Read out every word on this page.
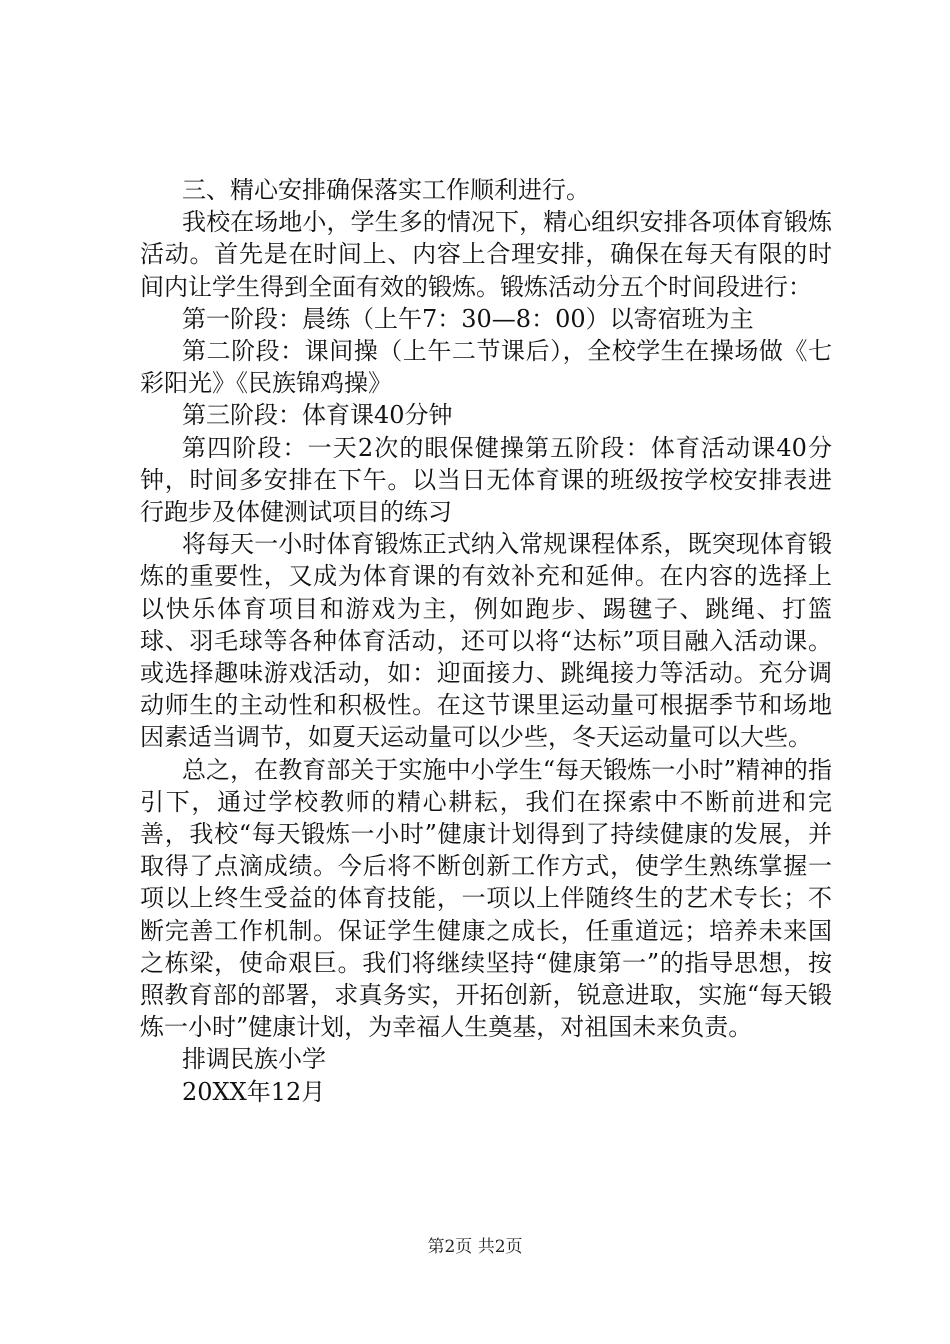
三、精心安排确保落实工作顺利进行。

我校在场地小，学生多的情况下，精心组织安排各项体育锻炼活动。首先是在时间上、内容上合理安排，确保在每天有限的时间内让学生得到全面有效的锻炼。锻炼活动分五个时间段进行：

第一阶段：晨练（上午7：30—8：00）以寄宿班为主

第二阶段：课间操（上午二节课后），全校学生在操场做《七彩阳光》《民族锦鸡操》

第三阶段：体育课40分钟

第四阶段：一天2次的眼保健操第五阶段：体育活动课40分钟，时间多安排在下午。以当日无体育课的班级按学校安排表进行跑步及体健测试项目的练习

将每天一小时体育锻炼正式纳入常规课程体系，既突现体育锻炼的重要性，又成为体育课的有效补充和延伸。在内容的选择上以快乐体育项目和游戏为主，例如跑步、踢毽子、跳绳、打篮球、羽毛球等各种体育活动，还可以将“达标”项目融入活动课。或选择趣味游戏活动，如：迎面接力、跳绳接力等活动。充分调动师生的主动性和积极性。在这节课里运动量可根据季节和场地因素适当调节，如夏天运动量可以少些，冬天运动量可以大些。

总之，在教育部关于实施中小学生“每天锻炼一小时”精神的指引下，通过学校教师的精心耕耘，我们在探索中不断前进和完善，我校“每天锻炼一小时”健康计划得到了持续健康的发展，并取得了点滴成绩。今后将不断创新工作方式，使学生熟练掌握一项以上终生受益的体育技能，一项以上伴随终生的艺术专长；不断完善工作机制。保证学生健康之成长，任重道远；培养未来国之栋梁，使命艰巨。我们将继续坚持“健康第一”的指导思想，按照教育部的部署，求真务实，开拓创新，锐意进取，实施“每天锻炼一小时”健康计划，为幸福人生奠基，对祖国未来负责。

排调民族小学

20XX年12月

第2页 共2页
